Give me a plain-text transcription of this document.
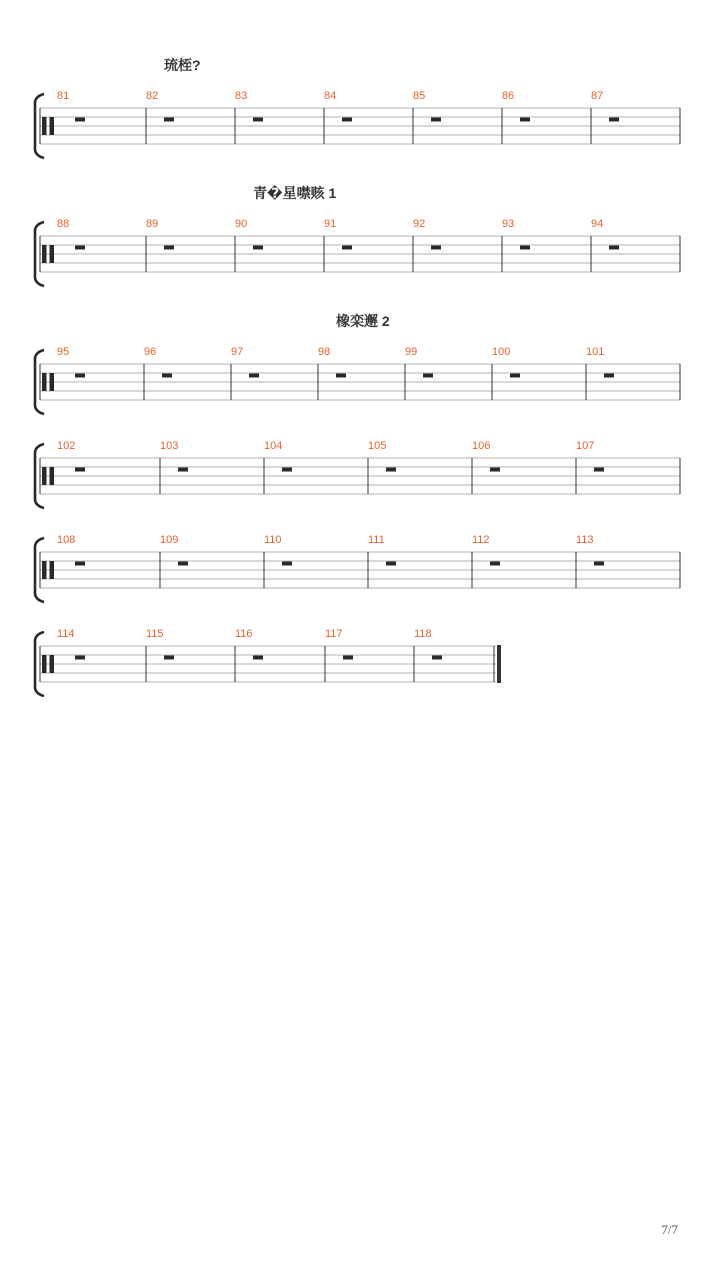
琉桎?
青�星噤赅 1
橡栾邂 2
81	82	83	84	85	86	87
88	89	90	91	92	93	94
95	96	97	98	99	100	101
102	103	104	105	106	107
108	109	110	111	112	113
114	115	116	117	118
7/7
